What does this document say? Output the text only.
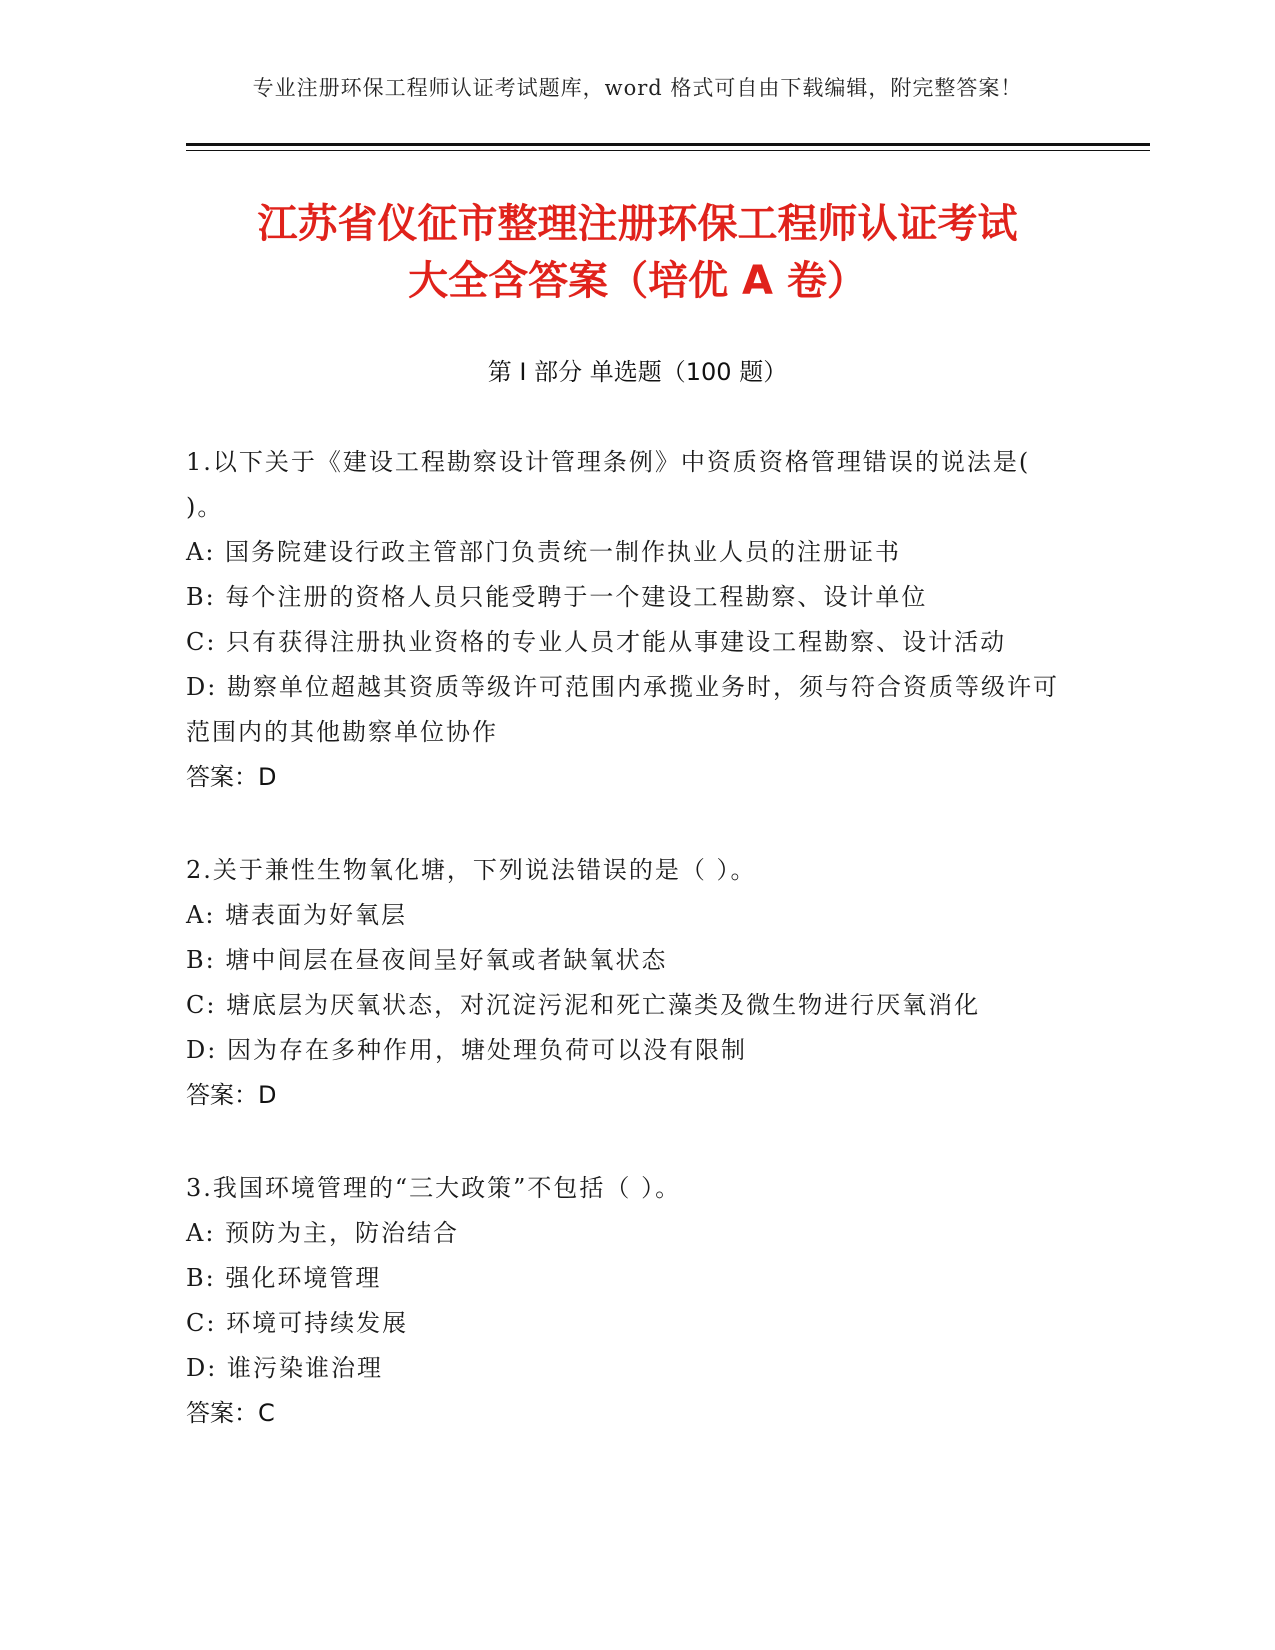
专业注册环保工程师认证考试题库，word 格式可自由下载编辑，附完整答案！
江苏省仪征市整理注册环保工程师认证考试
大全含答案（培优 A 卷）
第 I 部分 单选题（100 题）

1.以下关于《建设工程勘察设计管理条例》中资质资格管理错误的说法是( )。

A: 国务院建设行政主管部门负责统一制作执业人员的注册证书

B: 每个注册的资格人员只能受聘于一个建设工程勘察、设计单位

C: 只有获得注册执业资格的专业人员才能从事建设工程勘察、设计活动

D: 勘察单位超越其资质等级许可范围内承揽业务时，须与符合资质等级许可范围内的其他勘察单位协作

答案：D

2.关于兼性生物氧化塘，下列说法错误的是（ ）。

A: 塘表面为好氧层

B: 塘中间层在昼夜间呈好氧或者缺氧状态

C: 塘底层为厌氧状态，对沉淀污泥和死亡藻类及微生物进行厌氧消化

D: 因为存在多种作用，塘处理负荷可以没有限制

答案：D

3.我国环境管理的“三大政策”不包括（ ）。

A: 预防为主，防治结合

B: 强化环境管理

C: 环境可持续发展

D: 谁污染谁治理

答案：C
